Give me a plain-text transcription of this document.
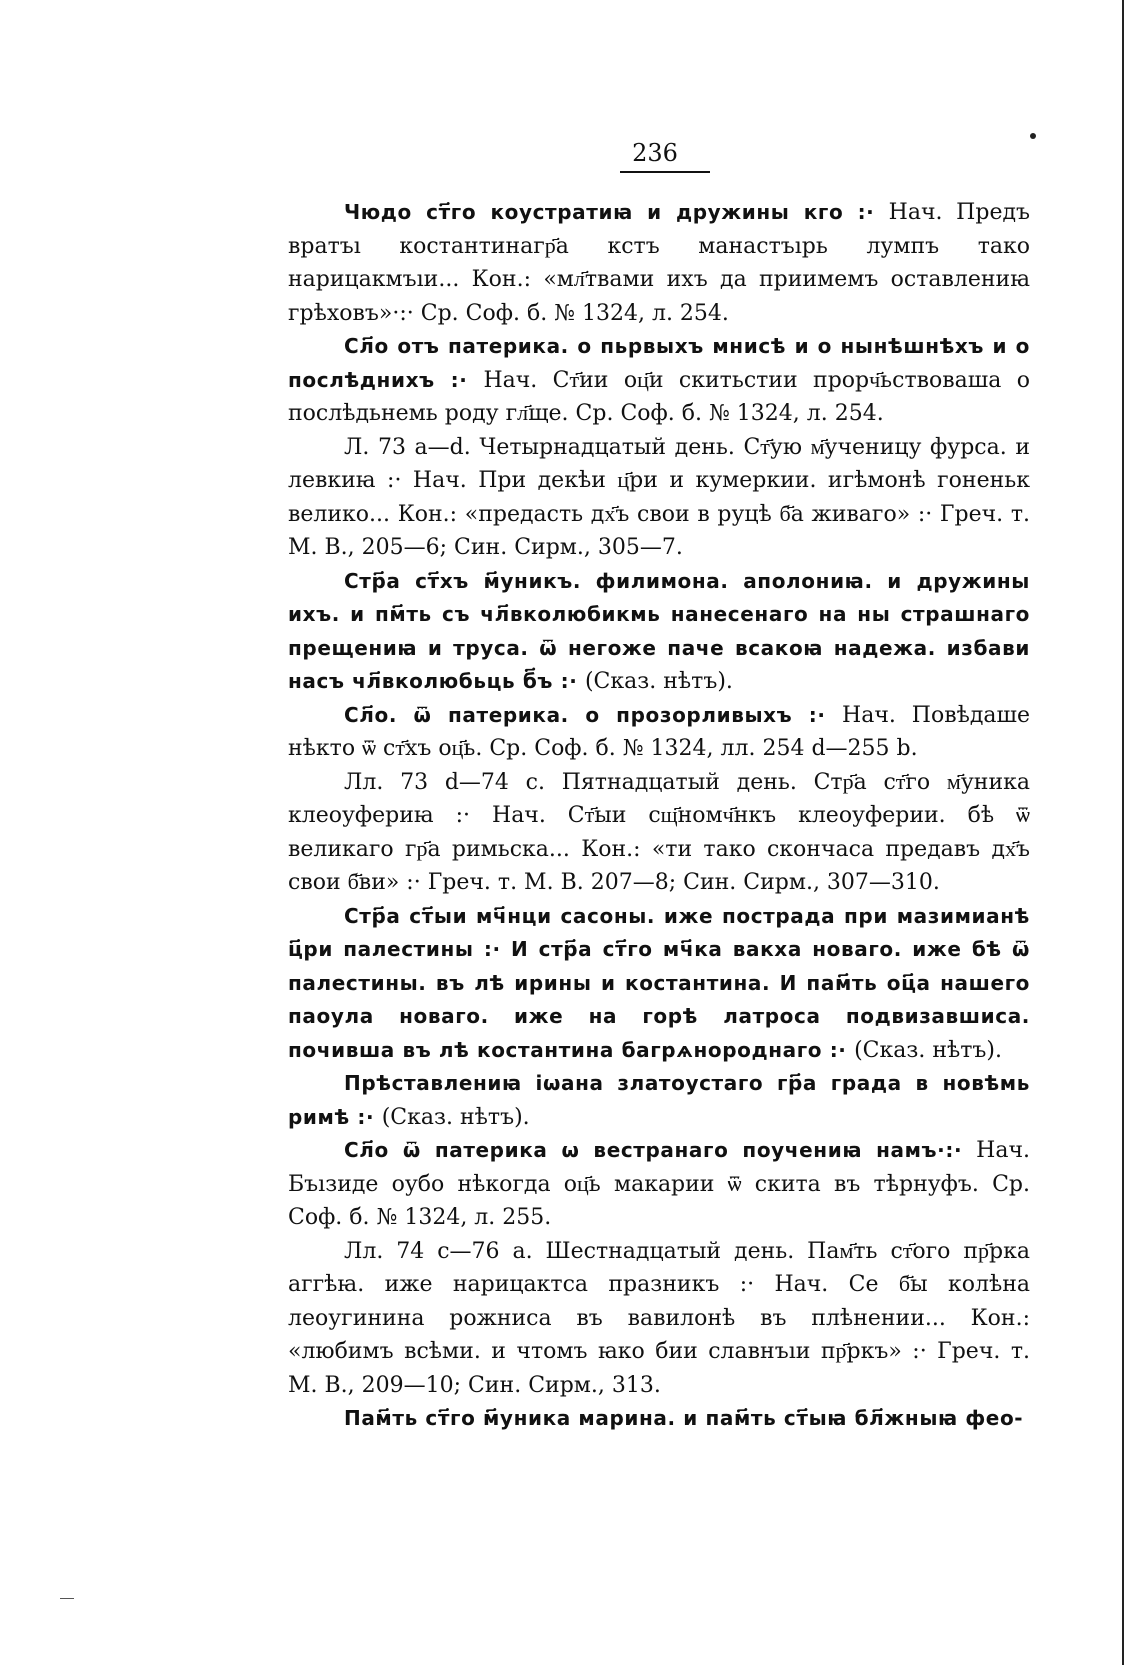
236

Чюдо ст҃го коустратиꙗ и дружины кго :· Нач. Предъ вратъı костантинагр҃а кстъ манастъıрь лумпъ тако нарицакмъıи... Кон.: «мл҃твами ихъ да приимемъ оставлениꙗ грѣховъ»·:· Ср. Соф. б. № 1324, л. 254.

Сл҃о отъ патерика. о пьрвыхъ мнисѣ и о нынѣшнѣхъ и о послѣднихъ :· Нач. Ст҃ии оц҃и скитьстии прорч҃ьствоваша о послѣдьнемь роду гл҃ще. Ср. Соф. б. № 1324, л. 254.

Л. 73 a—d. Четырнадцатый день. Ст҃ую м҃ученицу фурса. и левкиꙗ :· Нач. При декѣи ц҃ри и кумеркии. игѣмонѣ гоненьк велико... Кон.: «предасть дх҃ъ свои в руцѣ б҃а живаго» :· Греч. т. М. В., 205—6; Син. Сирм., 305—7.

Стр҃а ст҃хъ м҃уникъ. филимона. аполониꙗ. и дружины ихъ. и пм҃ть съ чл҃вколюбикмь нанесенаго на ны страшнаго прещениꙗ и труса. ѿ негоже паче всакоꙗ надежа. избави насъ чл҃вколюбьць б҃ъ :· (Сказ. нѣтъ).

Сл҃о. ѿ патерика. о прозорливыхъ :· Нач. Повѣдаше нѣкто ѿ ст҃хъ оц҃ь. Ср. Соф. б. № 1324, лл. 254 d—255 b.

Лл. 73 d—74 c. Пятнадцатый день. Стр҃а ст҃го м҃уника клеоуфериꙗ :· Нач. Ст҃ыи сщ҃номч҃нкъ клеоуферии. бѣ ѿ великаго гр҃а римьска... Кон.: «ти тако скончаса предавъ дх҃ъ свои б҃ви» :· Греч. т. М. В. 207—8; Син. Сирм., 307—310.

Стр҃а ст҃ыи мч҃нци сасоны. иже пострада при мазимианѣ ц҃ри палестины :· И стр҃а ст҃го мч҃ка вакха новаго. иже бѣ ѿ палестины. въ лѣ ирины и костантина. И пам҃ть оц҃а нашего паоула новаго. иже на горѣ латроса подвизавшиса. почивша въ лѣ костантина багрѧнороднаго :· (Сказ. нѣтъ).

Прѣставлениꙗ iѡана златоустаго гр҃а града в новѣмь римѣ :· (Сказ. нѣтъ).

Сл҃о ѿ патерика ѡ вестранаго поучениꙗ намъ·:· Нач. Бъıзиде оубо нѣкогда оц҃ь макарии ѿ скита въ тѣрнуфъ. Ср. Соф. б. № 1324, л. 255.

Лл. 74 c—76 a. Шестнадцатый день. Пам҃ть ст҃ого пр҃рка аггѣꙗ. иже нарицактса празникъ :· Нач. Се б҃ы колѣна леоугинина рожниса въ вавилонѣ въ плѣнении... Кон.: «любимъ всѣми. и чтомъ ꙗко бии славнъıи пр҃ркъ» :· Греч. т. М. В., 209—10; Син. Сирм., 313.

Пам҃ть ст҃го м҃уника марина. и пам҃ть ст҃ыꙗ бл҃жныꙗ фео-
